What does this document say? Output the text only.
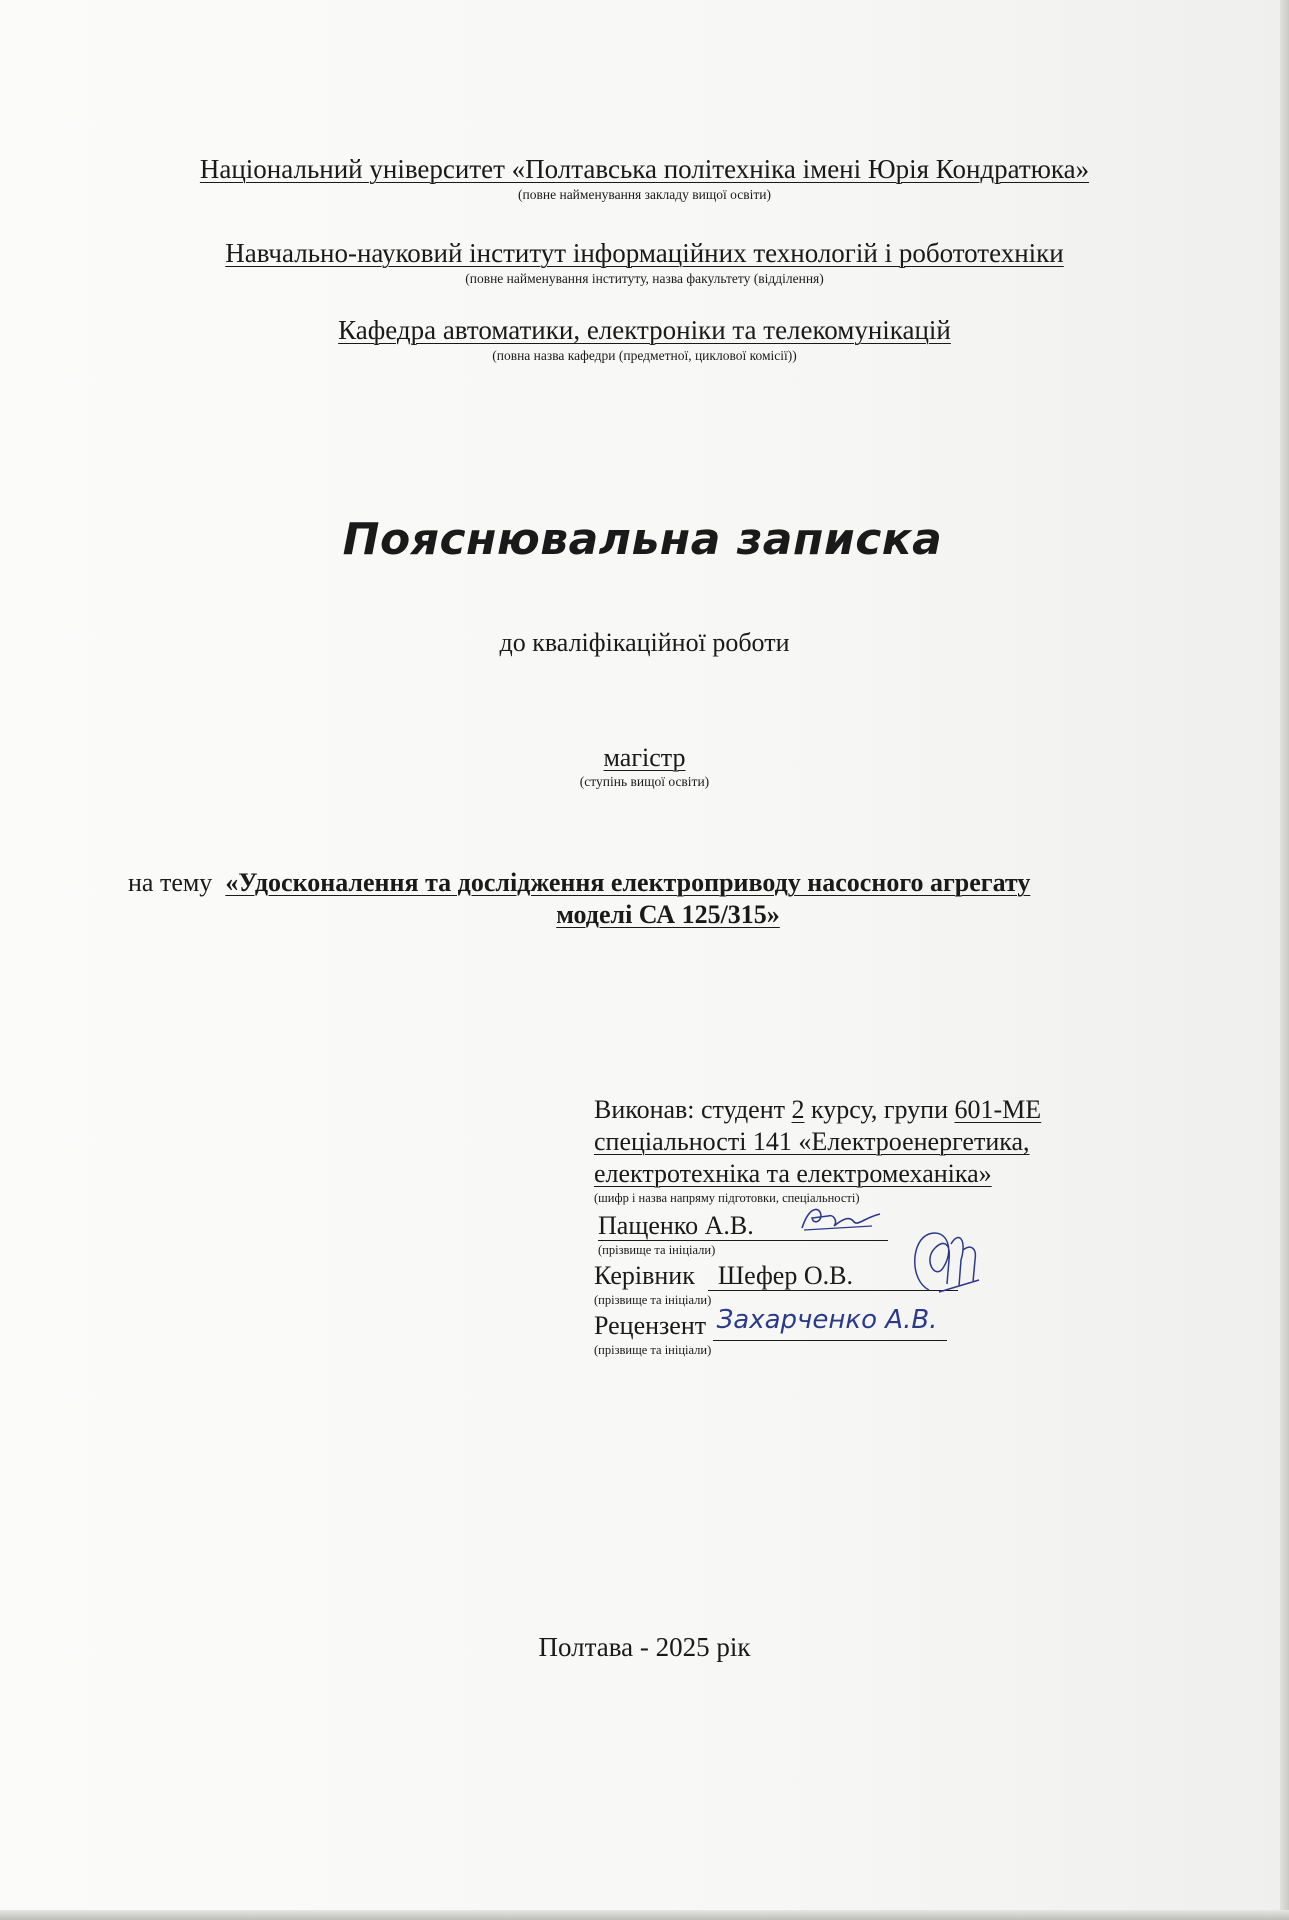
Національний університет «Полтавська політехніка імені Юрія Кондратюка»
(повне найменування закладу вищої освіти)
Навчально-науковий інститут інформаційних технологій і робототехніки
(повне найменування інституту, назва факультету (відділення)
Кафедра автоматики, електроніки та телекомунікацій
(повна назва кафедри (предметної, циклової комісії))
Пояснювальна записка
до кваліфікаційної роботи
магістр
(ступінь вищої освіти)
на тему «Удосконалення та дослідження електроприводу насосного агрегату
моделі СА 125/315»
Виконав: студент 2 курсу, групи 601-МЕ
спеціальності 141 «Електроенергетика,
електротехніка та електромеханіка»
(шифр і назва напряму підготовки, спеціальності)
Пащенко А.В.
(прізвище та ініціали)
Керівник Шефер О.В.
(прізвище та ініціали)
Рецензент Захарченко А.В.
(прізвище та ініціали)
Полтава - 2025 рік
